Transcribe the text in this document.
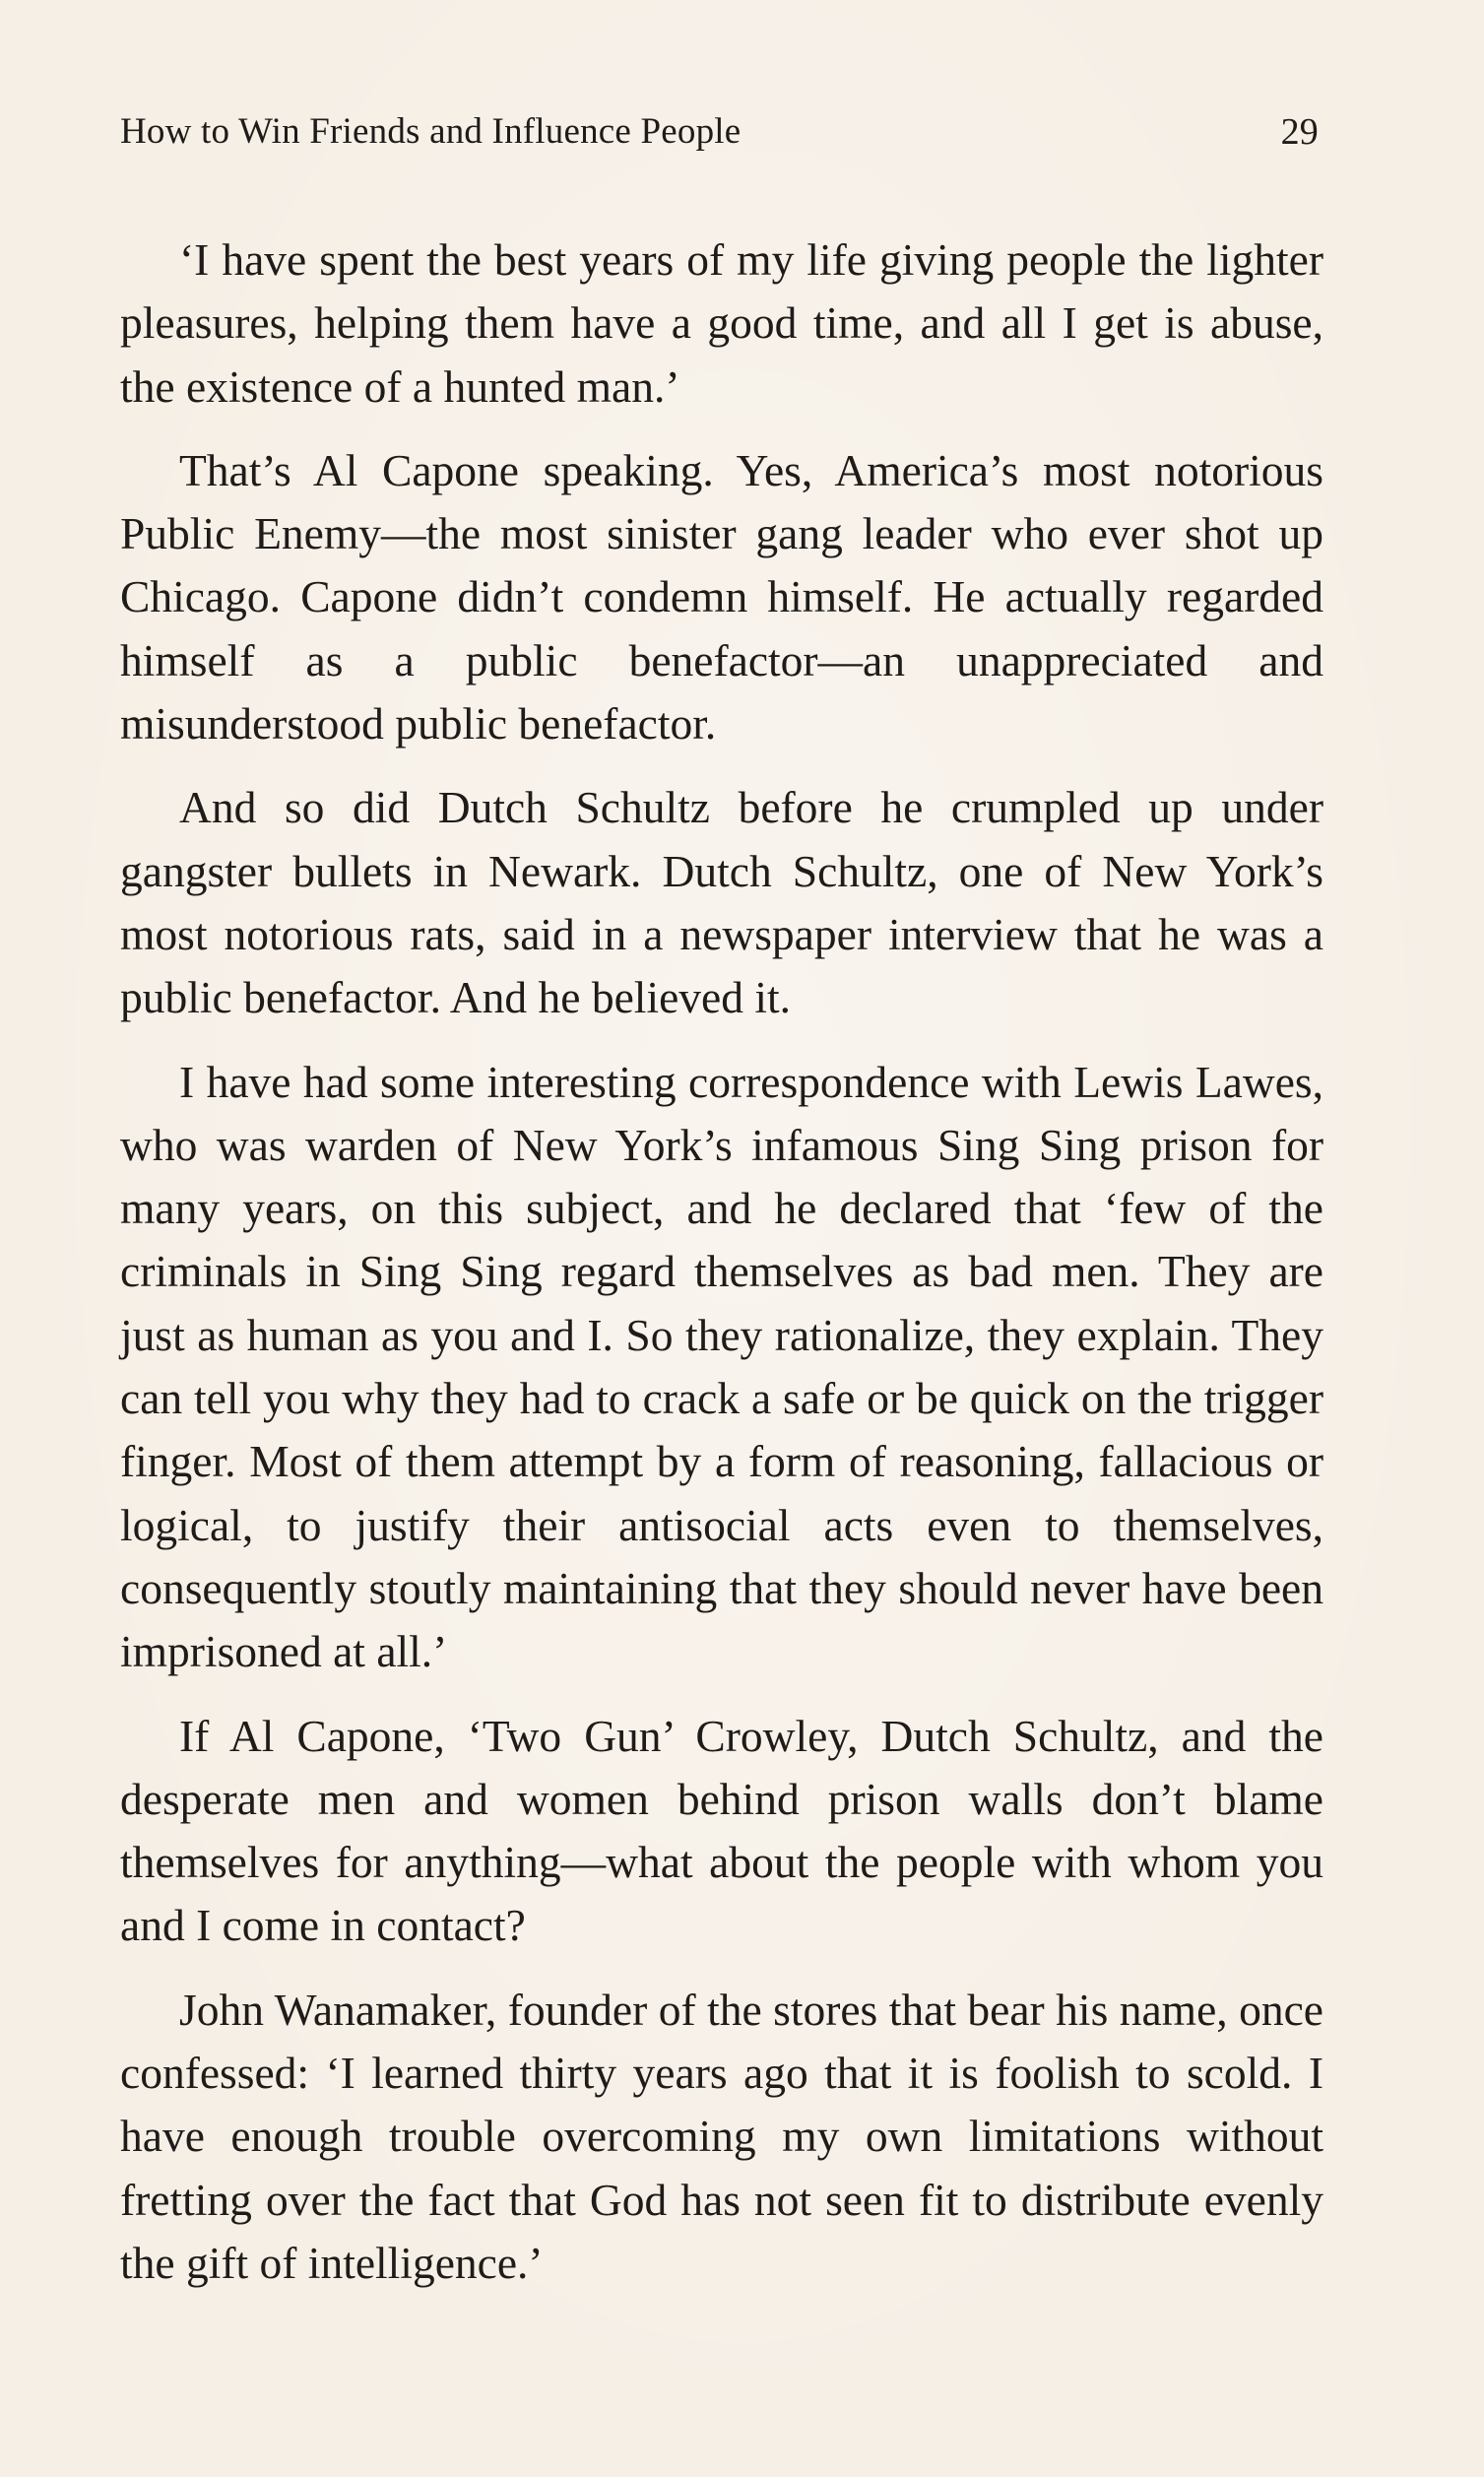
How to Win Friends and Influence People	29

‘I have spent the best years of my life giving people the lighter pleasures, helping them have a good time, and all I get is abuse, the existence of a hunted man.’

That’s Al Capone speaking. Yes, America’s most notorious Public Enemy—the most sinister gang leader who ever shot up Chicago. Capone didn’t condemn himself. He actually regarded himself as a public benefactor—an unappreciated and misunderstood public benefactor.

And so did Dutch Schultz before he crumpled up under gangster bullets in Newark. Dutch Schultz, one of New York’s most notorious rats, said in a newspaper interview that he was a public benefactor. And he believed it.

I have had some interesting correspondence with Lewis Lawes, who was warden of New York’s infamous Sing Sing prison for many years, on this subject, and he declared that ‘few of the criminals in Sing Sing regard themselves as bad men. They are just as human as you and I. So they rationalize, they explain. They can tell you why they had to crack a safe or be quick on the trigger finger. Most of them attempt by a form of reasoning, fallacious or logical, to justify their antisocial acts even to themselves, consequently stoutly maintaining that they should never have been imprisoned at all.’

If Al Capone, ‘Two Gun’ Crowley, Dutch Schultz, and the desperate men and women behind prison walls don’t blame themselves for anything—what about the people with whom you and I come in contact?

John Wanamaker, founder of the stores that bear his name, once confessed: ‘I learned thirty years ago that it is foolish to scold. I have enough trouble overcoming my own limitations without fretting over the fact that God has not seen fit to distribute evenly the gift of intelligence.’
